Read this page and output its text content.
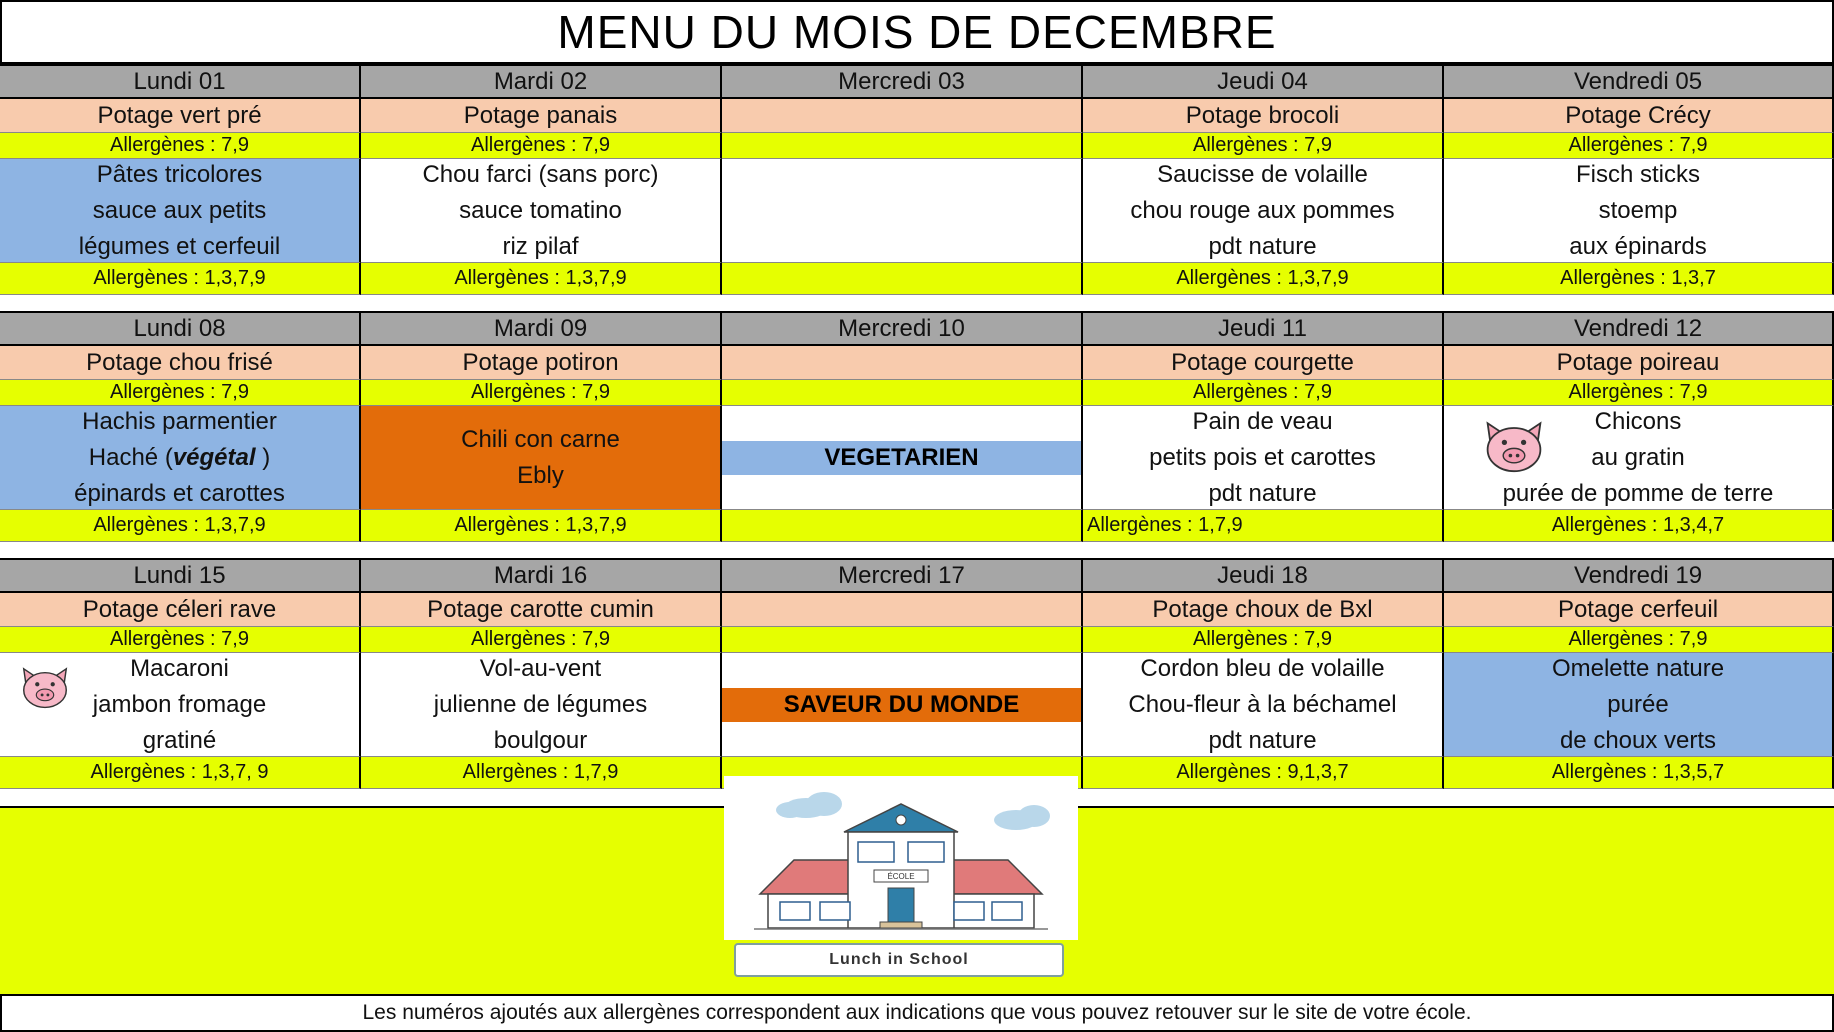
MENU DU MOIS DE DECEMBRE
Lundi 01
Potage vert pré
Allergènes : 7,9
Pâtes tricolores
sauce aux petits
légumes et cerfeuil
Allergènes : 1,3,7,9
Mardi 02
Potage panais
Allergènes : 7,9
Chou farci (sans porc)
sauce tomatino
riz pilaf
Allergènes : 1,3,7,9
Mercredi 03	Jeudi 04
Potage brocoli
Allergènes : 7,9
Saucisse de volaille
chou rouge aux pommes
pdt nature
Allergènes : 1,3,7,9
Vendredi 05
Potage Crécy
Allergènes : 7,9
Fisch sticks
stoemp
aux épinards
Allergènes : 1,3,7
Lundi 08
Potage chou frisé
Allergènes : 7,9
Hachis parmentier
Haché (végétal )
épinards et carottes
Allergènes : 1,3,7,9
Mardi 09
Potage potiron
Allergènes : 7,9
Chili con carne
Ebly
Allergènes : 1,3,7,9
Mercredi 10
VEGETARIEN
Jeudi 11
Potage courgette
Allergènes : 7,9
Pain de veau
petits pois et carottes
pdt nature
Allergènes : 1,7,9
Vendredi 12
Potage poireau
Allergènes : 7,9
Chicons
au gratin
purée de pomme de terre
Allergènes : 1,3,4,7
Lundi 15
Potage céleri rave
Allergènes : 7,9
Macaroni
jambon fromage
gratiné
Allergènes : 1,3,7, 9
Mardi 16
Potage carotte cumin
Allergènes : 7,9
Vol-au-vent
julienne de légumes
boulgour
Allergènes : 1,7,9
Mercredi 17
SAVEUR DU MONDE
Jeudi 18
Potage choux de Bxl
Allergènes : 7,9
Cordon bleu de volaille
Chou-fleur à la béchamel
pdt nature
Allergènes : 9,1,3,7
Vendredi 19
Potage cerfeuil
Allergènes : 7,9
Omelette nature
purée
de choux verts
Allergènes : 1,3,5,7
ÉCOLE
Lunch in School
Les numéros ajoutés aux allergènes correspondent aux indications que vous pouvez retouver sur le site de votre école.
